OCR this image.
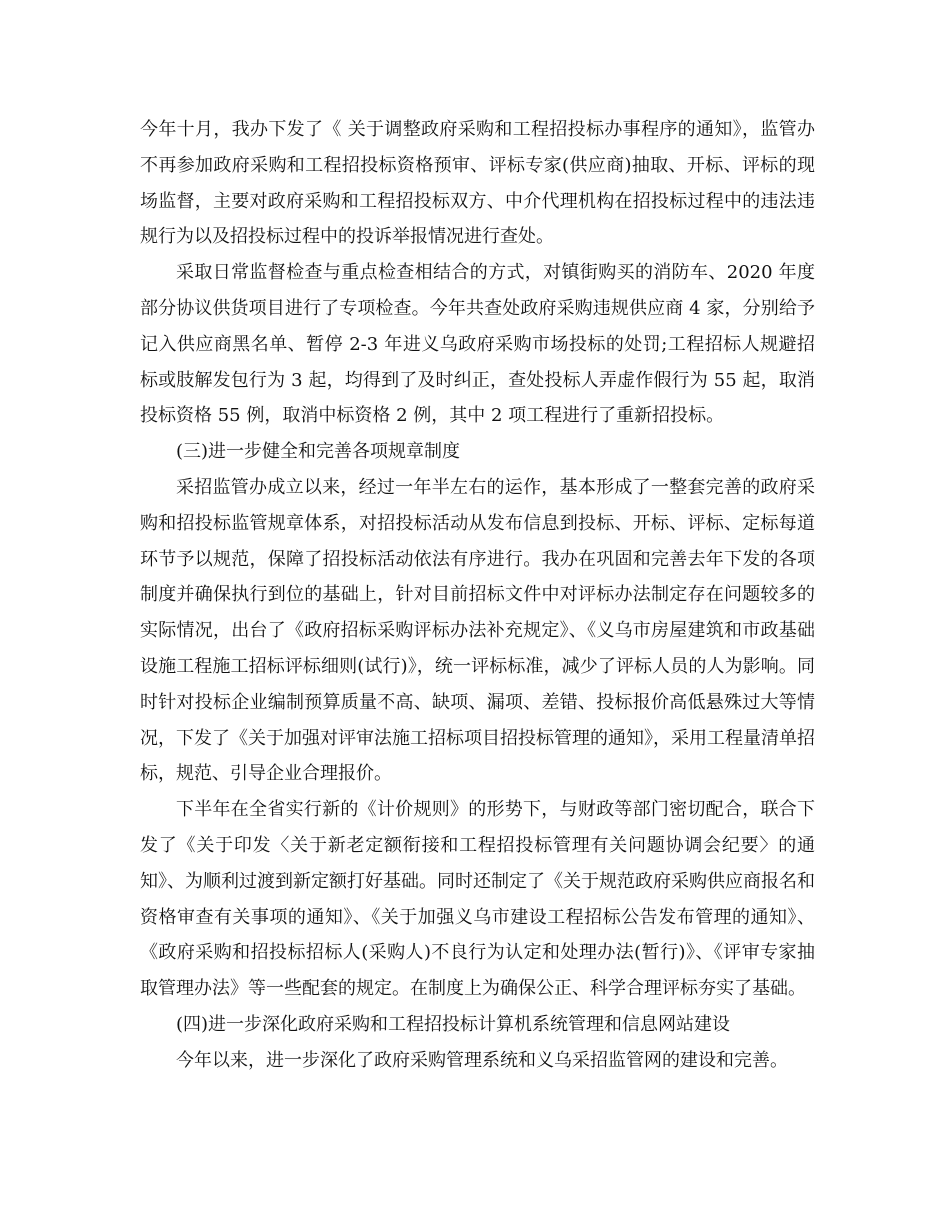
今年十月，我办下发了《 关于调整政府采购和工程招投标办事程序的通知》，监管办不再参加政府采购和工程招投标资格预审、评标专家(供应商)抽取、开标、评标的现场监督，主要对政府采购和工程招投标双方、中介代理机构在招投标过程中的违法违规行为以及招投标过程中的投诉举报情况进行查处。

采取日常监督检查与重点检查相结合的方式，对镇街购买的消防车、2020 年度部分协议供货项目进行了专项检查。今年共查处政府采购违规供应商 4 家，分别给予记入供应商黑名单、暂停 2-3 年进义乌政府采购市场投标的处罚;工程招标人规避招标或肢解发包行为 3 起，均得到了及时纠正，查处投标人弄虚作假行为 55 起，取消投标资格 55 例，取消中标资格 2 例，其中 2 项工程进行了重新招投标。

(三)进一步健全和完善各项规章制度

采招监管办成立以来，经过一年半左右的运作，基本形成了一整套完善的政府采购和招投标监管规章体系，对招投标活动从发布信息到投标、开标、评标、定标每道环节予以规范，保障了招投标活动依法有序进行。我办在巩固和完善去年下发的各项制度并确保执行到位的基础上，针对目前招标文件中对评标办法制定存在问题较多的实际情况，出台了《政府招标采购评标办法补充规定》、《义乌市房屋建筑和市政基础设施工程施工招标评标细则(试行)》，统一评标标准，减少了评标人员的人为影响。同时针对投标企业编制预算质量不高、缺项、漏项、差错、投标报价高低悬殊过大等情况，下发了《关于加强对评审法施工招标项目招投标管理的通知》，采用工程量清单招标，规范、引导企业合理报价。

下半年在全省实行新的《计价规则》的形势下，与财政等部门密切配合，联合下发了《关于印发〈关于新老定额衔接和工程招投标管理有关问题协调会纪要〉的通知》、为顺利过渡到新定额打好基础。同时还制定了《关于规范政府采购供应商报名和资格审查有关事项的通知》、《关于加强义乌市建设工程招标公告发布管理的通知》、《政府采购和招投标招标人(采购人)不良行为认定和处理办法(暂行)》、《评审专家抽取管理办法》等一些配套的规定。在制度上为确保公正、科学合理评标夯实了基础。

(四)进一步深化政府采购和工程招投标计算机系统管理和信息网站建设

今年以来，进一步深化了政府采购管理系统和义乌采招监管网的建设和完善。
